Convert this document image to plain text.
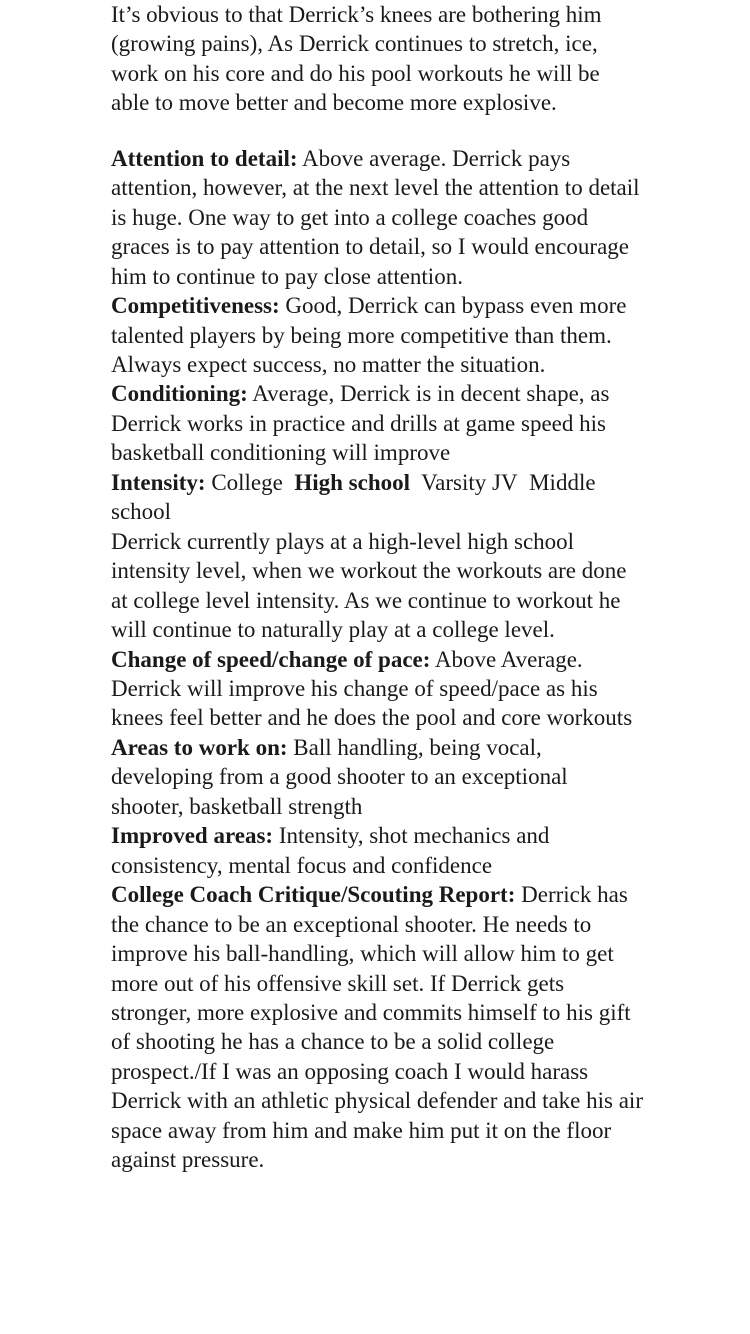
It’s obvious to that Derrick’s knees are bothering him (growing pains), As Derrick continues to stretch, ice, work on his core and do his pool workouts he will be able to move better and become more explosive.

Attention to detail: Above average. Derrick pays attention, however, at the next level the attention to detail is huge. One way to get into a college coaches good graces is to pay attention to detail, so I would encourage him to continue to pay close attention.

Competitiveness: Good, Derrick can bypass even more talented players by being more competitive than them. Always expect success, no matter the situation.

Conditioning: Average, Derrick is in decent shape, as Derrick works in practice and drills at game speed his basketball conditioning will improve

Intensity: College High school Varsity JV Middle school

Derrick currently plays at a high-level high school intensity level, when we workout the workouts are done at college level intensity. As we continue to workout he will continue to naturally play at a college level.

Change of speed/change of pace: Above Average. Derrick will improve his change of speed/pace as his knees feel better and he does the pool and core workouts

Areas to work on: Ball handling, being vocal, developing from a good shooter to an exceptional shooter, basketball strength

Improved areas: Intensity, shot mechanics and consistency, mental focus and confidence

College Coach Critique/Scouting Report: Derrick has the chance to be an exceptional shooter. He needs to improve his ball-handling, which will allow him to get more out of his offensive skill set. If Derrick gets stronger, more explosive and commits himself to his gift of shooting he has a chance to be a solid college prospect./If I was an opposing coach I would harass Derrick with an athletic physical defender and take his air space away from him and make him put it on the floor against pressure.
